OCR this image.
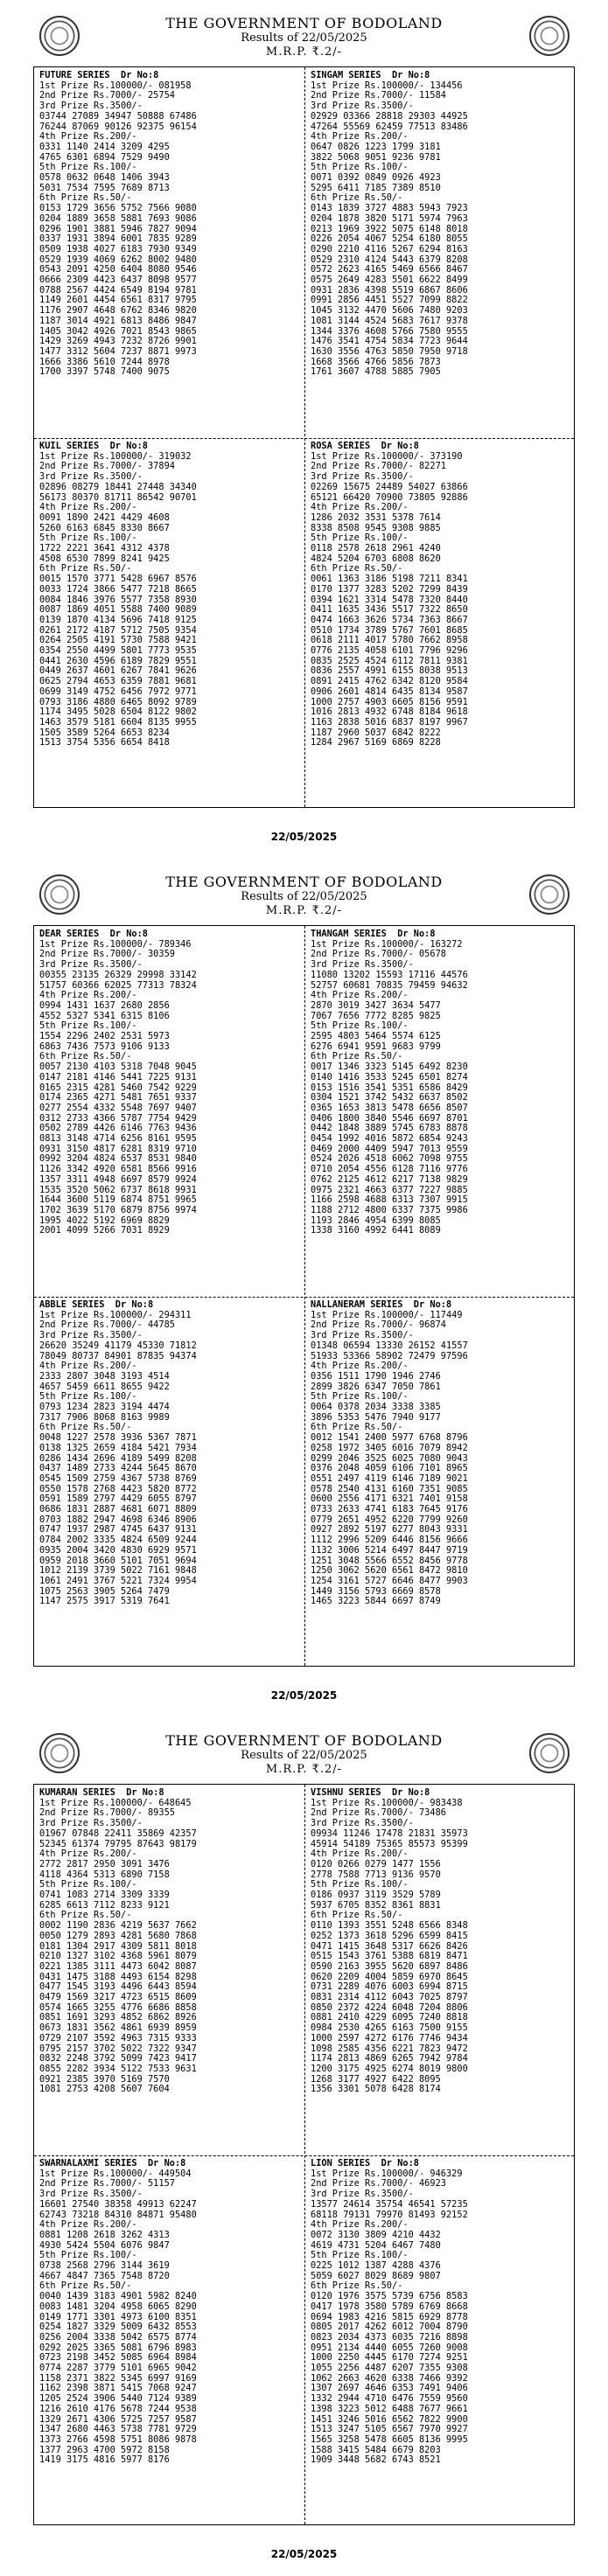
THE GOVERNMENT OF BODOLAND
Results of 22/05/2025
M.R.P. ₹.2/-
FUTURE SERIES  Dr No:8
1st Prize Rs.100000/- 081958
2nd Prize Rs.7000/- 25754
3rd Prize Rs.3500/-
03744 27089 34947 50888 67486
76244 87069 90126 92375 96154
4th Prize Rs.200/-
0331 1140 2414 3209 4295
4765 6301 6894 7529 9490
5th Prize Rs.100/-
0578 0632 0648 1406 3943
5031 7534 7595 7689 8713
6th Prize Rs.50/-
0153 1729 3656 5752 7566 9080
0204 1889 3658 5881 7693 9086
0296 1901 3881 5946 7827 9094
0337 1931 3894 6001 7835 9289
0509 1938 4027 6183 7930 9349
0529 1939 4069 6262 8002 9480
0543 2091 4250 6404 8080 9546
0666 2309 4423 6437 8098 9577
0788 2567 4424 6549 8194 9781
1149 2601 4454 6561 8317 9795
1176 2907 4648 6762 8346 9820
1187 3014 4921 6813 8486 9847
1405 3042 4926 7021 8543 9865
1429 3269 4943 7232 8726 9901
1477 3312 5604 7237 8871 9973
1666 3386 5610 7244 8978
1700 3397 5748 7400 9075
SINGAM SERIES  Dr No:8
1st Prize Rs.100000/- 134456
2nd Prize Rs.7000/- 11584
3rd Prize Rs.3500/-
02929 03366 28818 29303 44925
47264 55569 62459 77513 83486
4th Prize Rs.200/-
0647 0826 1223 1799 3181
3822 5068 9051 9236 9781
5th Prize Rs.100/-
0071 0392 0849 0926 4923
5295 6411 7185 7389 8510
6th Prize Rs.50/-
0143 1839 3727 4883 5943 7923
0204 1878 3820 5171 5974 7963
0213 1969 3922 5075 6148 8018
0226 2054 4067 5254 6180 8055
0290 2210 4116 5267 6294 8163
0529 2310 4124 5443 6379 8208
0572 2623 4165 5469 6566 8467
0575 2649 4283 5501 6622 8499
0931 2836 4398 5519 6867 8606
0991 2856 4451 5527 7099 8822
1045 3132 4470 5606 7480 9203
1081 3144 4524 5683 7617 9378
1344 3376 4608 5766 7580 9555
1476 3541 4754 5834 7723 9644
1630 3556 4763 5850 7950 9718
1668 3566 4766 5856 7873
1761 3607 4788 5885 7905
KUIL SERIES  Dr No:8
1st Prize Rs.100000/- 319032
2nd Prize Rs.7000/- 37894
3rd Prize Rs.3500/-
02896 08279 18441 27448 34340
56173 80370 81711 86542 90701
4th Prize Rs.200/-
0091 1890 2421 4429 4608
5260 6163 6845 8330 8667
5th Prize Rs.100/-
1722 2221 3641 4312 4378
4508 6530 7899 8241 9425
6th Prize Rs.50/-
0015 1570 3771 5428 6967 8576
0033 1724 3866 5477 7218 8665
0084 1846 3976 5577 7358 8930
0087 1869 4051 5588 7400 9089
0139 1870 4134 5696 7418 9125
0261 2172 4187 5712 7505 9354
0264 2505 4191 5730 7588 9421
0354 2550 4499 5801 7773 9535
0441 2630 4596 6189 7829 9551
0449 2637 4601 6267 7841 9626
0625 2794 4653 6359 7881 9681
0699 3149 4752 6456 7972 9771
0793 3186 4880 6465 8092 9789
1174 3495 5028 6504 8122 9802
1463 3579 5181 6604 8135 9955
1505 3589 5264 6653 8234
1513 3754 5356 6654 8418
ROSA SERIES  Dr No:8
1st Prize Rs.100000/- 373190
2nd Prize Rs.7000/- 82271
3rd Prize Rs.3500/-
02269 15675 24489 54027 63866
65121 66420 70900 73805 92886
4th Prize Rs.200/-
1286 2032 3531 5378 7614
8338 8508 9545 9308 9885
5th Prize Rs.100/-
0118 2578 2618 2961 4240
4824 5204 6703 6808 8620
6th Prize Rs.50/-
0061 1363 3186 5198 7211 8341
0170 1377 3283 5202 7299 8439
0394 1621 3314 5478 7320 8440
0411 1635 3436 5517 7322 8650
0474 1663 3626 5734 7363 8667
0510 1734 3789 5767 7601 8685
0618 2111 4017 5780 7662 8958
0776 2135 4058 6101 7796 9296
0835 2525 4524 6112 7811 9381
0836 2557 4991 6155 8038 9513
0891 2415 4762 6342 8120 9584
0906 2601 4814 6435 8134 9587
1000 2757 4903 6605 8156 9591
1016 2813 4932 6748 8184 9618
1163 2838 5016 6837 8197 9967
1187 2960 5037 6842 8222
1284 2967 5169 6869 8228
22/05/2025
THE GOVERNMENT OF BODOLAND
Results of 22/05/2025
M.R.P. ₹.2/-
DEAR SERIES  Dr No:8
1st Prize Rs.100000/- 789346
2nd Prize Rs.7000/- 30359
3rd Prize Rs.3500/-
00355 23135 26329 29998 33142
51757 60366 62025 77313 78324
4th Prize Rs.200/-
0994 1431 1637 2680 2856
4552 5327 5341 6315 8106
5th Prize Rs.100/-
1554 2296 2402 2531 5973
6863 7436 7573 9106 9133
6th Prize Rs.50/-
0057 2130 4103 5318 7048 9045
0147 2181 4146 5441 7225 9131
0165 2315 4281 5460 7542 9229
0174 2365 4271 5481 7651 9337
0277 2554 4332 5548 7697 9407
0312 2733 4366 5787 7754 9429
0502 2789 4426 6146 7763 9436
0813 3148 4714 6256 8161 9595
0931 3150 4817 6281 8319 9710
0992 3204 4824 6537 8531 9840
1126 3342 4920 6581 8566 9916
1357 3311 4948 6697 8579 9924
1535 3520 5062 6737 8618 9931
1644 3600 5119 6874 8751 9965
1702 3639 5170 6879 8756 9974
1995 4022 5192 6969 8829
2001 4099 5266 7031 8929
THANGAM SERIES  Dr No:8
1st Prize Rs.100000/- 163272
2nd Prize Rs.7000/- 05678
3rd Prize Rs.3500/-
11080 13202 15593 17116 44576
52757 60681 70835 79459 94632
4th Prize Rs.200/-
2870 3019 3427 3634 5477
7067 7656 7772 8285 9825
5th Prize Rs.100/-
2595 4803 5464 5574 6125
6276 6941 9591 9683 9799
6th Prize Rs.50/-
0017 1346 3323 5145 6492 8230
0140 1416 3533 5245 6501 8274
0153 1516 3541 5351 6586 8429
0304 1521 3742 5432 6637 8502
0365 1653 3813 5478 6656 8507
0406 1800 3840 5546 6697 8701
0442 1848 3889 5745 6783 8878
0454 1992 4016 5872 6854 9243
0469 2000 4409 5947 7013 9559
0524 2026 4518 6062 7098 9755
0710 2054 4556 6128 7116 9776
0762 2125 4612 6217 7138 9829
0975 2321 4663 6377 7227 9885
1166 2598 4688 6313 7307 9915
1188 2712 4800 6337 7375 9986
1193 2846 4954 6399 8085
1338 3160 4992 6441 8089
ABBLE SERIES  Dr No:8
1st Prize Rs.100000/- 294311
2nd Prize Rs.7000/- 44785
3rd Prize Rs.3500/-
26620 35249 41179 45330 71812
78049 80737 84901 87835 94374
4th Prize Rs.200/-
2333 2807 3048 3193 4514
4657 5459 6611 8655 9422
5th Prize Rs.100/-
0793 1234 2823 3194 4474
7317 7906 8068 8163 9989
6th Prize Rs.50/-
0048 1227 2578 3936 5367 7871
0138 1325 2659 4184 5421 7934
0286 1434 2696 4189 5499 8208
0437 1489 2733 4244 5645 8670
0545 1509 2759 4367 5738 8769
0550 1578 2768 4423 5820 8772
0591 1589 2797 4429 6055 8797
0686 1831 2887 4681 6071 8809
0703 1882 2947 4698 6346 8906
0747 1937 2987 4745 6437 9131
0784 2002 3335 4824 6509 9244
0935 2004 3420 4830 6929 9571
0959 2018 3660 5101 7051 9694
1012 2139 3739 5022 7161 9848
1061 2491 3767 5221 7324 9954
1075 2563 3905 5264 7479
1147 2575 3917 5319 7641
NALLANERAM SERIES  Dr No:8
1st Prize Rs.100000/- 117449
2nd Prize Rs.7000/- 96874
3rd Prize Rs.3500/-
01348 06594 13330 26152 41557
51933 53366 58902 72479 97596
4th Prize Rs.200/-
0356 1511 1790 1946 2746
2899 3826 6347 7050 7861
5th Prize Rs.100/-
0064 0378 2034 3338 3385
3896 5353 5476 7940 9177
6th Prize Rs.50/-
0012 1541 2400 5977 6768 8796
0258 1972 3405 6016 7079 8942
0299 2046 3525 6025 7080 9043
0376 2048 4059 6106 7101 8965
0551 2497 4119 6146 7189 9021
0578 2540 4131 6160 7351 9085
0600 2556 4171 6321 7401 9158
0733 2633 4741 6183 7645 9176
0779 2651 4952 6220 7799 9260
0927 2892 5197 6277 8043 9331
1112 2996 5209 6446 8156 9666
1132 3006 5214 6497 8447 9719
1251 3048 5566 6552 8456 9778
1250 3062 5620 6561 8472 9810
1254 3161 5727 6646 8477 9903
1449 3156 5793 6669 8578
1465 3223 5844 6697 8749
22/05/2025
THE GOVERNMENT OF BODOLAND
Results of 22/05/2025
M.R.P. ₹.2/-
KUMARAN SERIES  Dr No:8
1st Prize Rs.100000/- 648645
2nd Prize Rs.7000/- 89355
3rd Prize Rs.3500/-
01967 07848 22411 35869 42357
52345 61374 79795 87643 98179
4th Prize Rs.200/-
2772 2817 2950 3091 3476
4118 4364 5313 6890 7158
5th Prize Rs.100/-
0741 1083 2714 3309 3339
6285 6613 7112 8233 9121
6th Prize Rs.50/-
0002 1190 2836 4219 5637 7662
0050 1279 2893 4281 5680 7868
0181 1304 2917 4309 5811 8018
0210 1327 3102 4368 5961 8079
0221 1385 3111 4473 6042 8087
0431 1475 3188 4493 6154 8298
0477 1545 3193 4496 6443 8594
0479 1569 3217 4723 6515 8609
0574 1665 3255 4776 6686 8858
0851 1691 3293 4852 6862 8926
0673 1831 3562 4861 6939 8959
0729 2107 3592 4963 7315 9333
0795 2157 3702 5022 7322 9347
0832 2248 3792 5099 7423 9417
0855 2282 3934 5122 7533 9631
0921 2385 3970 5169 7570
1081 2753 4208 5607 7604
VISHNU SERIES  Dr No:8
1st Prize Rs.100000/- 983438
2nd Prize Rs.7000/- 73486
3rd Prize Rs.3500/-
09934 11246 17478 21831 35973
45914 54189 75365 85573 95399
4th Prize Rs.200/-
0120 0266 0279 1477 1556
2778 7588 7713 9136 9570
5th Prize Rs.100/-
0186 0937 3119 3529 5789
5937 6705 8352 8361 8831
6th Prize Rs.50/-
0110 1393 3551 5248 6566 8348
0252 1373 3618 5296 6599 8415
0471 1415 3648 5317 6626 8426
0515 1543 3761 5388 6819 8471
0590 2163 3955 5620 6897 8486
0620 2209 4004 5859 6970 8645
0731 2289 4076 6003 6994 8715
0831 2314 4112 6043 7025 8797
0850 2372 4224 6048 7204 8806
0881 2410 4229 6095 7240 8818
0984 2530 4265 6163 7500 9155
1000 2597 4272 6176 7746 9434
1098 2585 4356 6221 7823 9472
1174 2813 4869 6265 7942 9784
1200 3175 4925 6274 8019 9800
1268 3177 4927 6422 8095
1356 3301 5078 6428 8174
SWARNALAXMI SERIES  Dr No:8
1st Prize Rs.100000/- 449504
2nd Prize Rs.7000/- 51157
3rd Prize Rs.3500/-
16601 27540 38358 49913 62247
62743 73218 84310 84871 95480
4th Prize Rs.200/-
0881 1208 2618 3262 4313
4930 5424 5504 6076 9847
5th Prize Rs.100/-
0738 2568 2796 3144 3619
4667 4847 7365 7548 8720
6th Prize Rs.50/-
0040 1439 3183 4901 5982 8240
0083 1481 3204 4958 6065 8290
0149 1771 3301 4973 6100 8351
0254 1827 3329 5009 6432 8553
0256 2004 3338 5042 6575 8774
0292 2025 3365 5081 6796 8983
0723 2198 3452 5085 6964 8984
0774 2287 3779 5101 6965 9042
1158 2371 3822 5345 6997 9169
1162 2398 3871 5415 7068 9247
1205 2524 3906 5440 7124 9389
1216 2610 4176 5678 7244 9538
1329 2671 4306 5725 7257 9587
1347 2680 4463 5738 7781 9729
1373 2766 4598 5751 8086 9878
1377 2963 4700 5972 8158
1419 3175 4816 5977 8176
LION SERIES  Dr No:8
1st Prize Rs.100000/- 946329
2nd Prize Rs.7000/- 46923
3rd Prize Rs.3500/-
13577 24614 35754 46541 57235
68118 79131 79970 81493 92152
4th Prize Rs.200/-
0072 3130 3809 4210 4432
4619 4731 5204 6467 7480
5th Prize Rs.100/-
0225 1012 1387 4288 4376
5059 6027 8029 8689 9807
6th Prize Rs.50/-
0120 1976 3575 5739 6756 8583
0417 1978 3580 5789 6769 8668
0694 1983 4216 5815 6929 8778
0805 2017 4262 6012 7004 8790
0823 2034 4373 6035 7216 8898
0951 2134 4440 6055 7260 9008
1000 2250 4445 6170 7274 9251
1055 2256 4487 6207 7355 9308
1062 2663 4620 6338 7466 9392
1307 2697 4646 6353 7491 9406
1332 2944 4710 6476 7559 9560
1398 3223 5012 6488 7677 9661
1451 3246 5016 6562 7822 9900
1513 3247 5105 6567 7970 9927
1565 3258 5478 6605 8136 9995
1588 3415 5484 6679 8203
1909 3448 5682 6743 8521
22/05/2025
